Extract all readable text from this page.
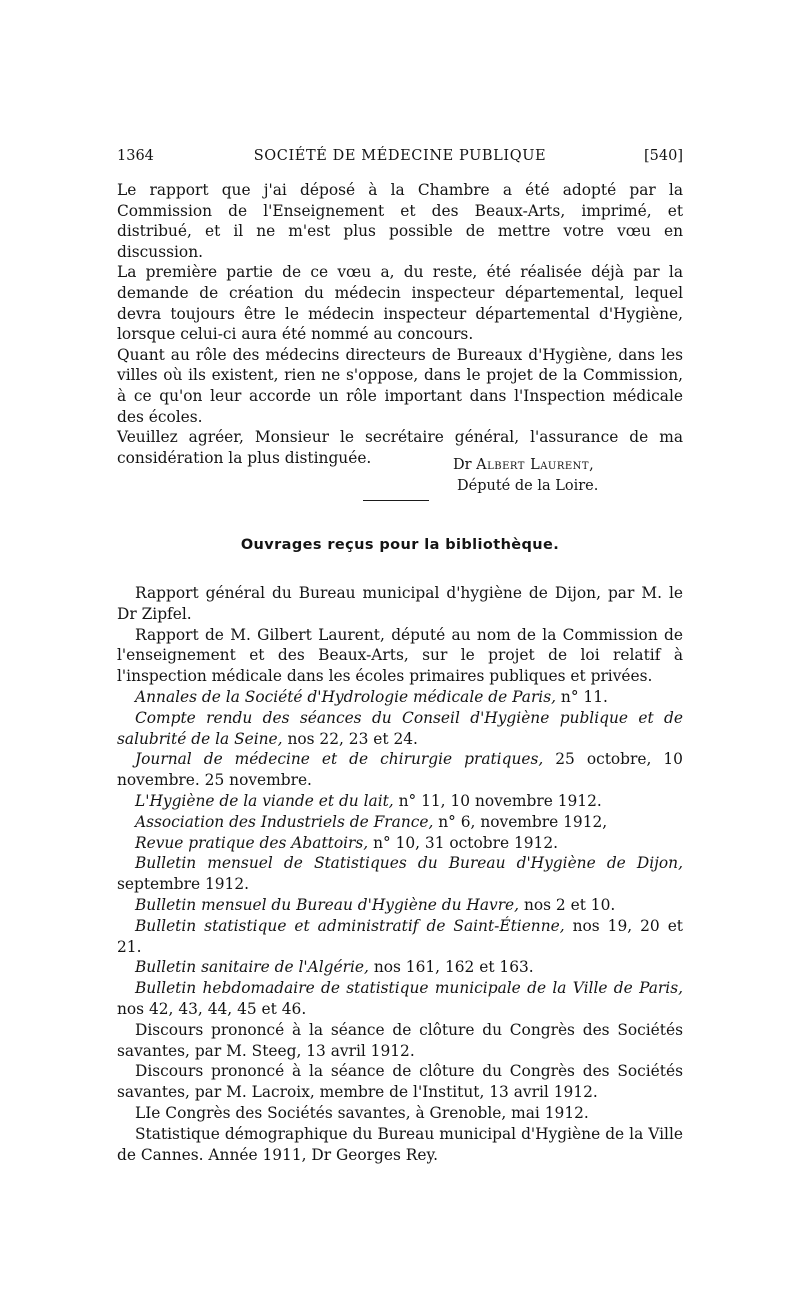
1364	SOCIÉTÉ DE MÉDECINE PUBLIQUE	[540]

Le rapport que j'ai déposé à la Chambre a été adopté par la Commission de l'Enseignement et des Beaux-Arts, imprimé, et distribué, et il ne m'est plus possible de mettre votre vœu en discussion.

La première partie de ce vœu a, du reste, été réalisée déjà par la demande de création du médecin inspecteur départemental, lequel devra toujours être le médecin inspecteur départemental d'Hygiène, lorsque celui-ci aura été nommé au concours.

Quant au rôle des médecins directeurs de Bureaux d'Hygiène, dans les villes où ils existent, rien ne s'oppose, dans le projet de la Commission, à ce qu'on leur accorde un rôle important dans l'Inspection médicale des écoles.

Veuillez agréer, Monsieur le secrétaire général, l'assurance de ma considération la plus distinguée.	Dr Albert Laurent,
Député de la Loire.
Ouvrages reçus pour la bibliothèque.

Rapport général du Bureau municipal d'hygiène de Dijon, par M. le Dr Zipfel.

Rapport de M. Gilbert Laurent, député au nom de la Commission de l'enseignement et des Beaux-Arts, sur le projet de loi relatif à l'inspection médicale dans les écoles primaires publiques et privées.

Annales de la Société d'Hydrologie médicale de Paris, n° 11.

Compte rendu des séances du Conseil d'Hygiène publique et de salubrité de la Seine, nos 22, 23 et 24.

Journal de médecine et de chirurgie pratiques, 25 octobre, 10 novembre. 25 novembre.

L'Hygiène de la viande et du lait, n° 11, 10 novembre 1912.

Association des Industriels de France, n° 6, novembre 1912,

Revue pratique des Abattoirs, n° 10, 31 octobre 1912.

Bulletin mensuel de Statistiques du Bureau d'Hygiène de Dijon, septembre 1912.

Bulletin mensuel du Bureau d'Hygiène du Havre, nos 2 et 10.

Bulletin statistique et administratif de Saint-Étienne, nos 19, 20 et 21.

Bulletin sanitaire de l'Algérie, nos 161, 162 et 163.

Bulletin hebdomadaire de statistique municipale de la Ville de Paris, nos 42, 43, 44, 45 et 46.

Discours prononcé à la séance de clôture du Congrès des Sociétés savantes, par M. Steeg, 13 avril 1912.

Discours prononcé à la séance de clôture du Congrès des Sociétés savantes, par M. Lacroix, membre de l'Institut, 13 avril 1912.

LIe Congrès des Sociétés savantes, à Grenoble, mai 1912.

Statistique démographique du Bureau municipal d'Hygiène de la Ville de Cannes. Année 1911, Dr Georges Rey.
